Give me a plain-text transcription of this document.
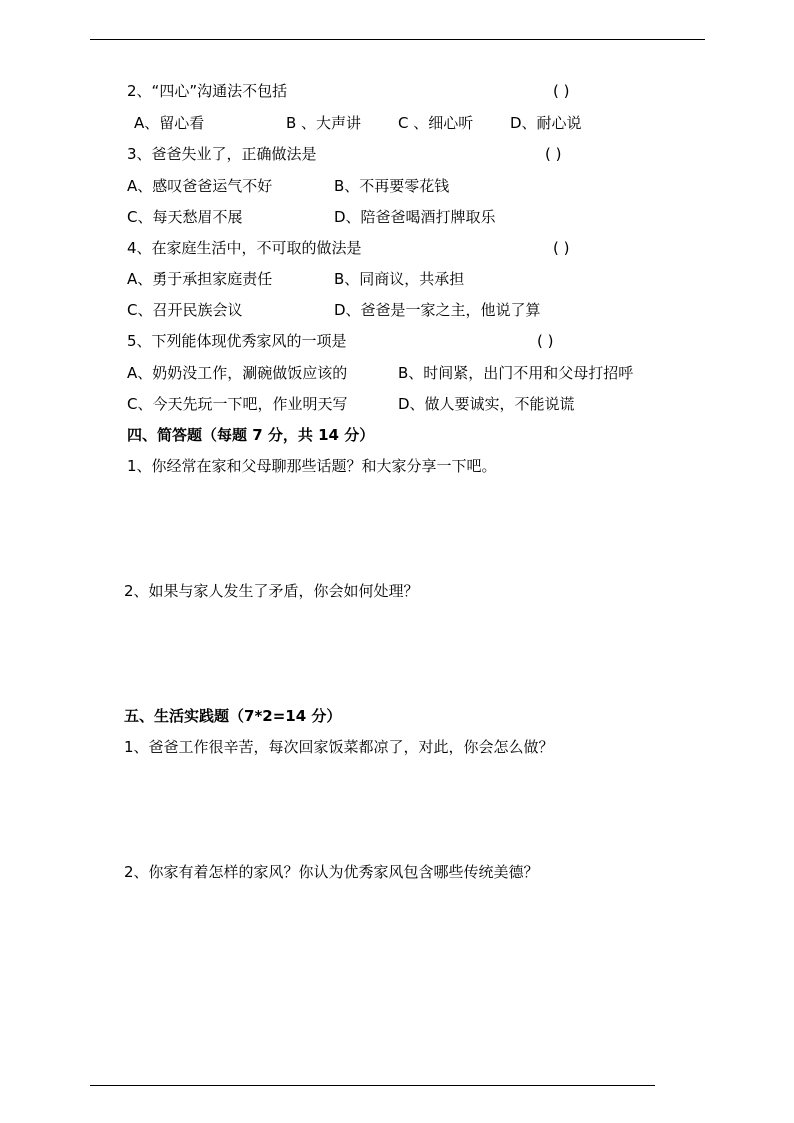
2、“四心”沟通法不包括	( )
A、留心看	B 、大声讲 C 、细心听 D、耐心说
3、爸爸失业了，正确做法是	( )
A、感叹爸爸运气不好	B、不再要零花钱
C、每天愁眉不展	D、陪爸爸喝酒打牌取乐
4、在家庭生活中，不可取的做法是	( )
A、勇于承担家庭责任	B、同商议，共承担
C、召开民族会议	D、爸爸是一家之主，他说了算
5、下列能体现优秀家风的一项是	( )
A、奶奶没工作，涮碗做饭应该的	B、时间紧，出门不用和父母打招呼
C、今天先玩一下吧，作业明天写	D、做人要诚实，不能说谎
四、简答题（每题 7 分，共 14 分）
1、你经常在家和父母聊那些话题？和大家分享一下吧。
2、如果与家人发生了矛盾，你会如何处理？
五、生活实践题（7*2=14 分）
1、爸爸工作很辛苦，每次回家饭菜都凉了，对此，你会怎么做？
2、你家有着怎样的家风？你认为优秀家风包含哪些传统美德？
